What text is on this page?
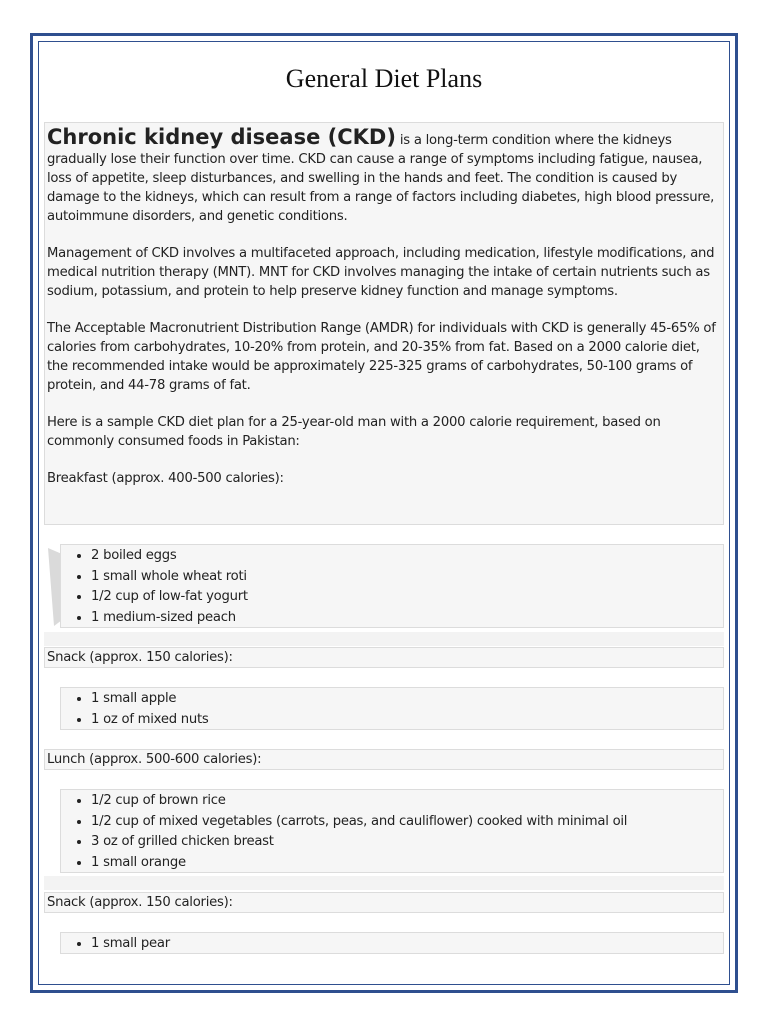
General Diet Plans

Chronic kidney disease (CKD) is a long-term condition where the kidneys gradually lose their function over time. CKD can cause a range of symptoms including fatigue, nausea, loss of appetite, sleep disturbances, and swelling in the hands and feet. The condition is caused by damage to the kidneys, which can result from a range of factors including diabetes, high blood pressure, autoimmune disorders, and genetic conditions.

Management of CKD involves a multifaceted approach, including medication, lifestyle modifications, and medical nutrition therapy (MNT). MNT for CKD involves managing the intake of certain nutrients such as sodium, potassium, and protein to help preserve kidney function and manage symptoms.

The Acceptable Macronutrient Distribution Range (AMDR) for individuals with CKD is generally 45-65% of calories from carbohydrates, 10-20% from protein, and 20-35% from fat. Based on a 2000 calorie diet, the recommended intake would be approximately 225-325 grams of carbohydrates, 50-100 grams of protein, and 44-78 grams of fat.

Here is a sample CKD diet plan for a 25-year-old man with a 2000 calorie requirement, based on commonly consumed foods in Pakistan:

Breakfast (approx. 400-500 calories):

• 2 boiled eggs
• 1 small whole wheat roti
• 1/2 cup of low-fat yogurt
• 1 medium-sized peach
Snack (approx. 150 calories):
• 1 small apple
• 1 oz of mixed nuts
Lunch (approx. 500-600 calories):
• 1/2 cup of brown rice
• 1/2 cup of mixed vegetables (carrots, peas, and cauliflower) cooked with minimal oil
• 3 oz of grilled chicken breast
• 1 small orange
Snack (approx. 150 calories):
• 1 small pear
